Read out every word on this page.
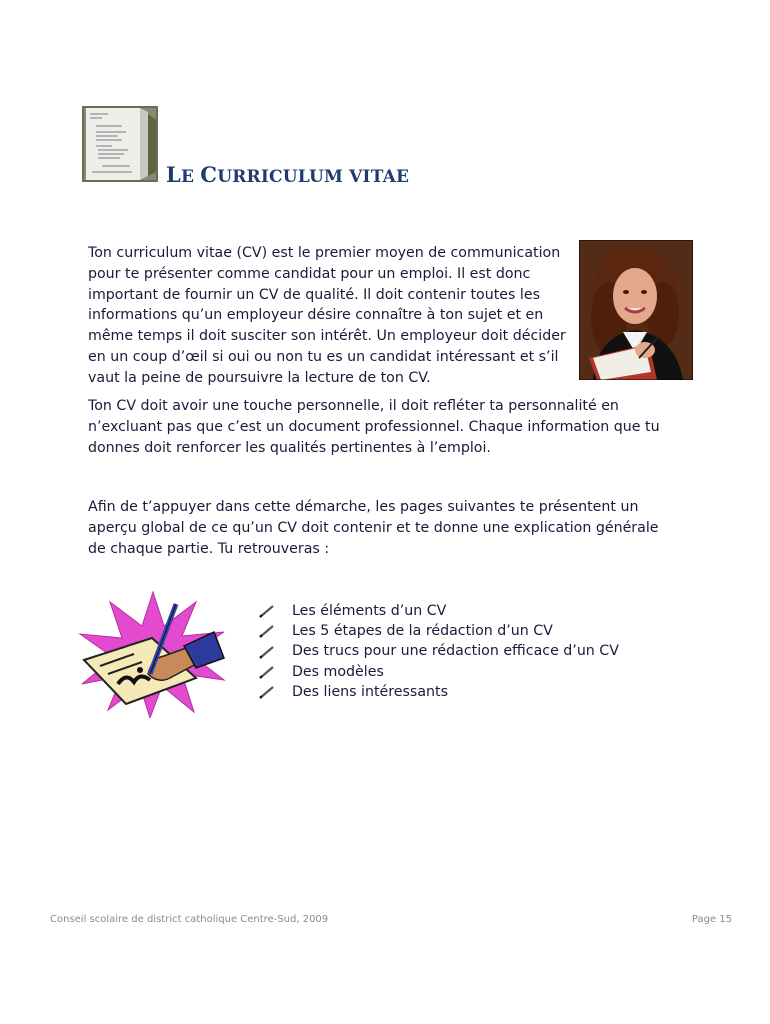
LE CURRICULUM VITAE
Ton curriculum vitae (CV) est le premier moyen de communication
pour te présenter comme candidat pour un emploi. Il est donc
important de fournir un CV de qualité. Il doit contenir toutes les
informations qu’un employeur désire connaître à ton sujet et en
même temps il doit susciter son intérêt. Un employeur doit décider
en un coup d’œil si oui ou non tu es un candidat intéressant et s’il
vaut la peine de poursuivre la lecture de ton CV.
Ton CV doit avoir une touche personnelle, il doit refléter ta personnalité en
n’excluant pas que c’est un document professionnel. Chaque information que tu
donnes doit renforcer les qualités pertinentes à l’emploi.
Afin de t’appuyer dans cette démarche, les pages suivantes te présentent un
aperçu global de ce qu’un CV doit contenir et te donne une explication générale
de chaque partie. Tu retrouveras :
Les éléments d’un CV
Les 5 étapes de la rédaction d’un CV
Des trucs pour une rédaction efficace d’un CV
Des modèles
Des liens intéressants
Conseil scolaire de district catholique Centre-Sud, 2009	Page 15
